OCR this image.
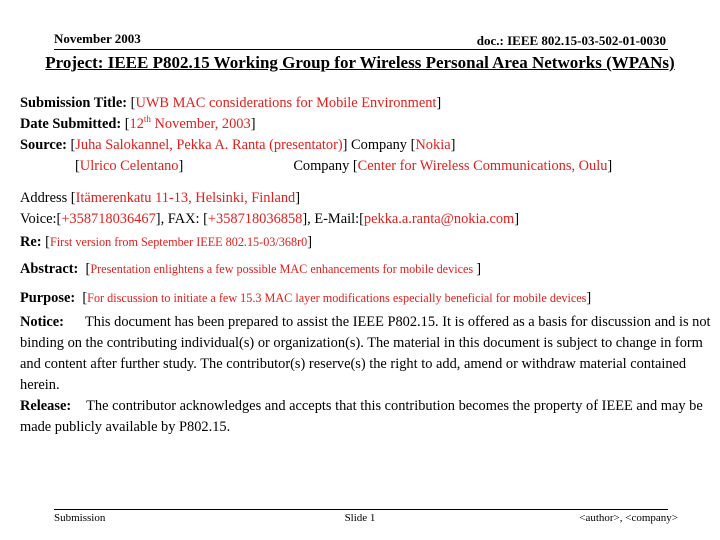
November 2003	doc.: IEEE 802.15-03-502-01-0030
Project: IEEE P802.15 Working Group for Wireless Personal Area Networks (WPANs)
Submission Title: [UWB MAC considerations for Mobile Environment]
Date Submitted: [12th November, 2003]
Source: [Juha Salokannel, Pekka A. Ranta (presentator)] Company [Nokia]
[Ulrico Celentano]	Company [Center for Wireless Communications, Oulu]
Address [Itämerenkatu 11-13, Helsinki, Finland]
Voice:[+358718036467], FAX: [+358718036858], E-Mail:[pekka.a.ranta@nokia.com]
Re: [First version from September IEEE 802.15-03/368r0]
Abstract:  [Presentation enlightens a few possible MAC enhancements for mobile devices ]
Purpose:  [For discussion to initiate a few 15.3 MAC layer modifications especially beneficial for mobile devices]
Notice: This document has been prepared to assist the IEEE P802.15. It is offered as a basis for discussion and is not binding on the contributing individual(s) or organization(s). The material in this document is subject to change in form and content after further study. The contributor(s) reserve(s) the right to add, amend or withdraw material contained herein.
Release: The contributor acknowledges and accepts that this contribution becomes the property of IEEE and may be made publicly available by P802.15.
Submission	Slide 1	<author>, <company>
